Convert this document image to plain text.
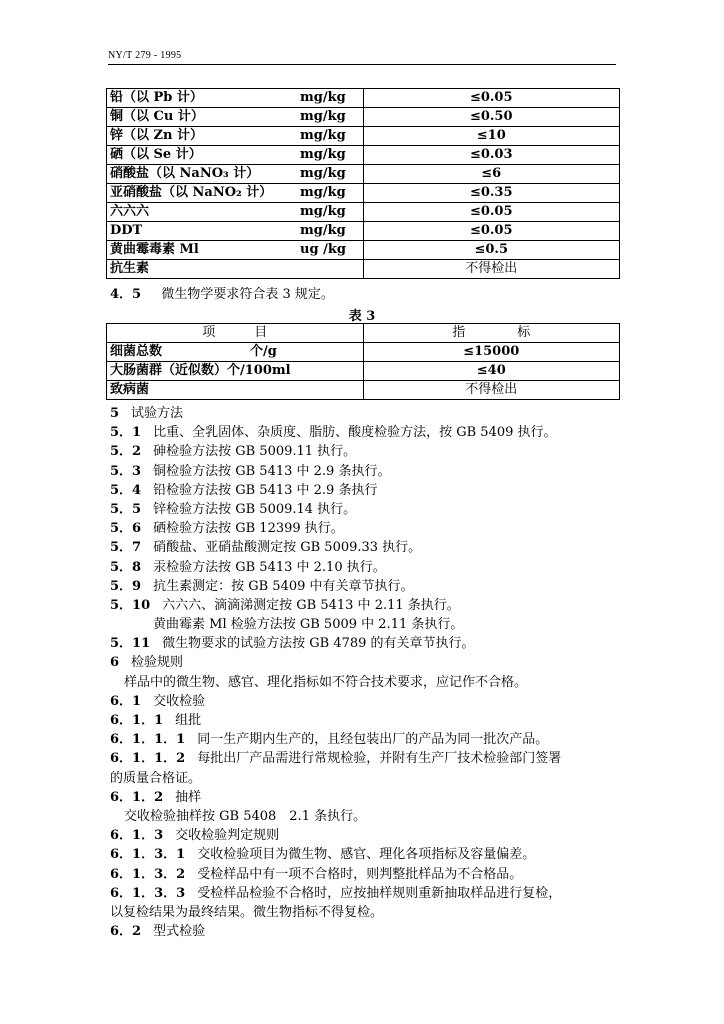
NY/T 279 - 1995
铅（以 Pb 计） mg/kg	≤0.05
铜（以 Cu 计） mg/kg	≤0.50
锌（以 Zn 计） mg/kg	≤10
硒（以 Se 计） mg/kg	≤0.03
硝酸盐（以 NaNO₃ 计） mg/kg	≤6
亚硝酸盐（以 NaNO₂ 计） mg/kg	≤0.35
六六六 mg/kg	≤0.05
DDT mg/kg	≤0.05
黄曲霉毒素 Ml ug /kg	≤0.5
抗生素	不得检出
4．5 微生物学要求符合表 3 规定。
表 3
项　　　目	指　　　　标
细菌总数 个/g	≤15000
大肠菌群（近似数）个/100ml	≤40
致病菌	不得检出
5 试验方法
5．1 比重、全乳固体、杂质度、脂肪、酸度检验方法，按 GB 5409 执行。
5．2 砷检验方法按 GB 5009.11 执行。
5．3 铜检验方法按 GB 5413 中 2.9 条执行。
5．4 铅检验方法按 GB 5413 中 2.9 条执行
5．5 锌检验方法按 GB 5009.14 执行。
5．6 硒检验方法按 GB 12399 执行。
5．7 硝酸盐、亚硝盐酸测定按 GB 5009.33 执行。
5．8 汞检验方法按 GB 5413 中 2.10 执行。
5．9 抗生素测定：按 GB 5409 中有关章节执行。
5．10 六六六、滴滴涕测定按 GB 5413 中 2.11 条执行。
黄曲霉素 Ml 检验方法按 GB 5009 中 2.11 条执行。
5．11 微生物要求的试验方法按 GB 4789 的有关章节执行。
6 检验规则
样品中的微生物、感官、理化指标如不符合技术要求，应记作不合格。
6．1 交收检验
6．1．1 组批
6．1．1．1 同一生产期内生产的，且经包装出厂的产品为同一批次产品。
6．1．1．2 每批出厂产品需进行常规检验，并附有生产厂技术检验部门签署
的质量合格证。
6．1．2 抽样
交收检验抽样按 GB 5408　2.1 条执行。
6．1．3 交收检验判定规则
6．1．3．1 交收检验项目为微生物、感官、理化各项指标及容量偏差。
6．1．3．2 受检样品中有一项不合格时，则判整批样品为不合格品。
6．1．3．3 受检样品检验不合格时，应按抽样规则重新抽取样品进行复检，
以复检结果为最终结果。微生物指标不得复检。
6．2 型式检验
